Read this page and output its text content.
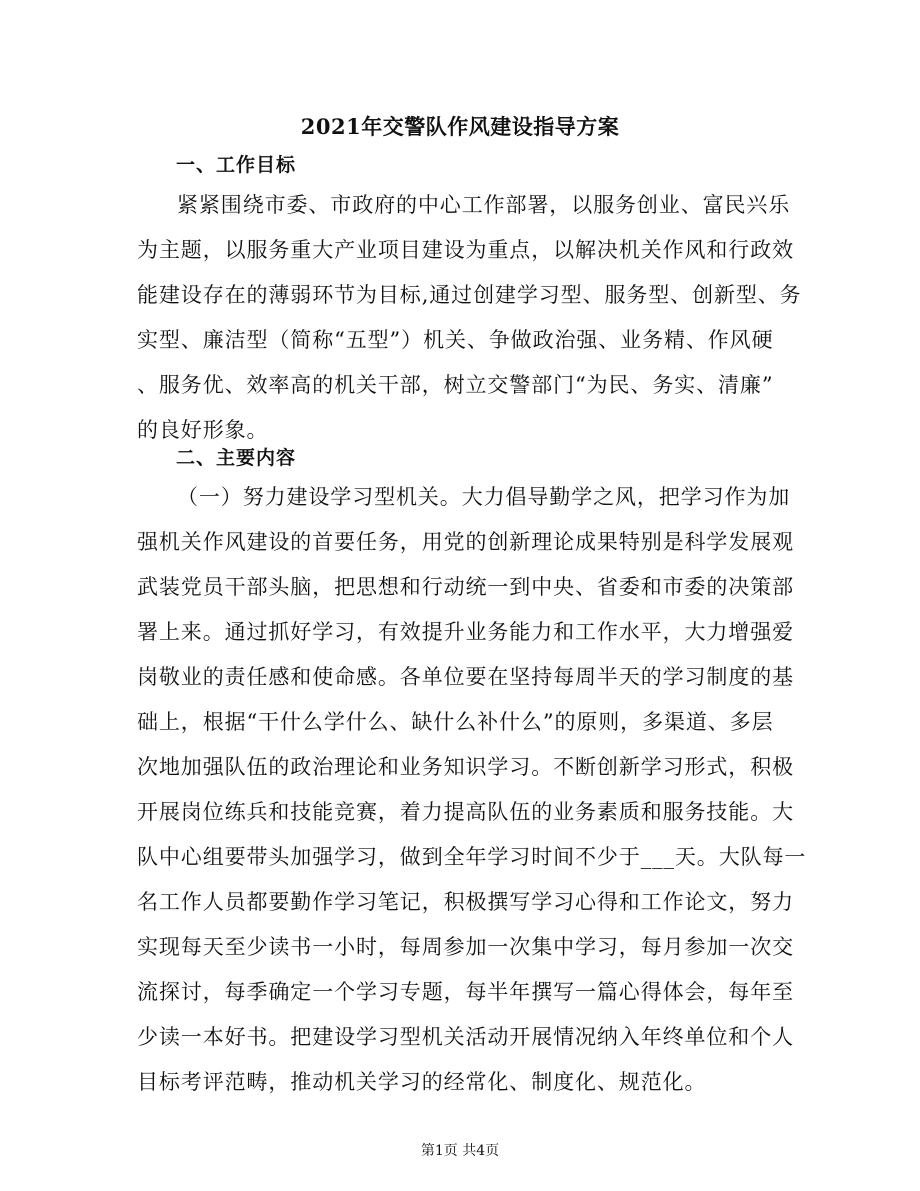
2021年交警队作风建设指导方案
一、工作目标
紧紧围绕市委、市政府的中心工作部署，以服务创业、富民兴乐
为主题，以服务重大产业项目建设为重点，以解决机关作风和行政效
能建设存在的薄弱环节为目标,通过创建学习型、服务型、创新型、务
实型、廉洁型（简称“五型”）机关、争做政治强、业务精、作风硬
、服务优、效率高的机关干部，树立交警部门“为民、务实、清廉”
的良好形象。
二、主要内容
（一）努力建设学习型机关。大力倡导勤学之风，把学习作为加
强机关作风建设的首要任务，用党的创新理论成果特别是科学发展观
武装党员干部头脑，把思想和行动统一到中央、省委和市委的决策部
署上来。通过抓好学习，有效提升业务能力和工作水平，大力增强爱
岗敬业的责任感和使命感。各单位要在坚持每周半天的学习制度的基
础上，根据“干什么学什么、缺什么补什么”的原则，多渠道、多层
次地加强队伍的政治理论和业务知识学习。不断创新学习形式，积极
开展岗位练兵和技能竞赛，着力提高队伍的业务素质和服务技能。大
队中心组要带头加强学习，做到全年学习时间不少于___天。大队每一
名工作人员都要勤作学习笔记，积极撰写学习心得和工作论文，努力
实现每天至少读书一小时，每周参加一次集中学习，每月参加一次交
流探讨，每季确定一个学习专题，每半年撰写一篇心得体会，每年至
少读一本好书。把建设学习型机关活动开展情况纳入年终单位和个人
目标考评范畴，推动机关学习的经常化、制度化、规范化。
第1页 共4页
